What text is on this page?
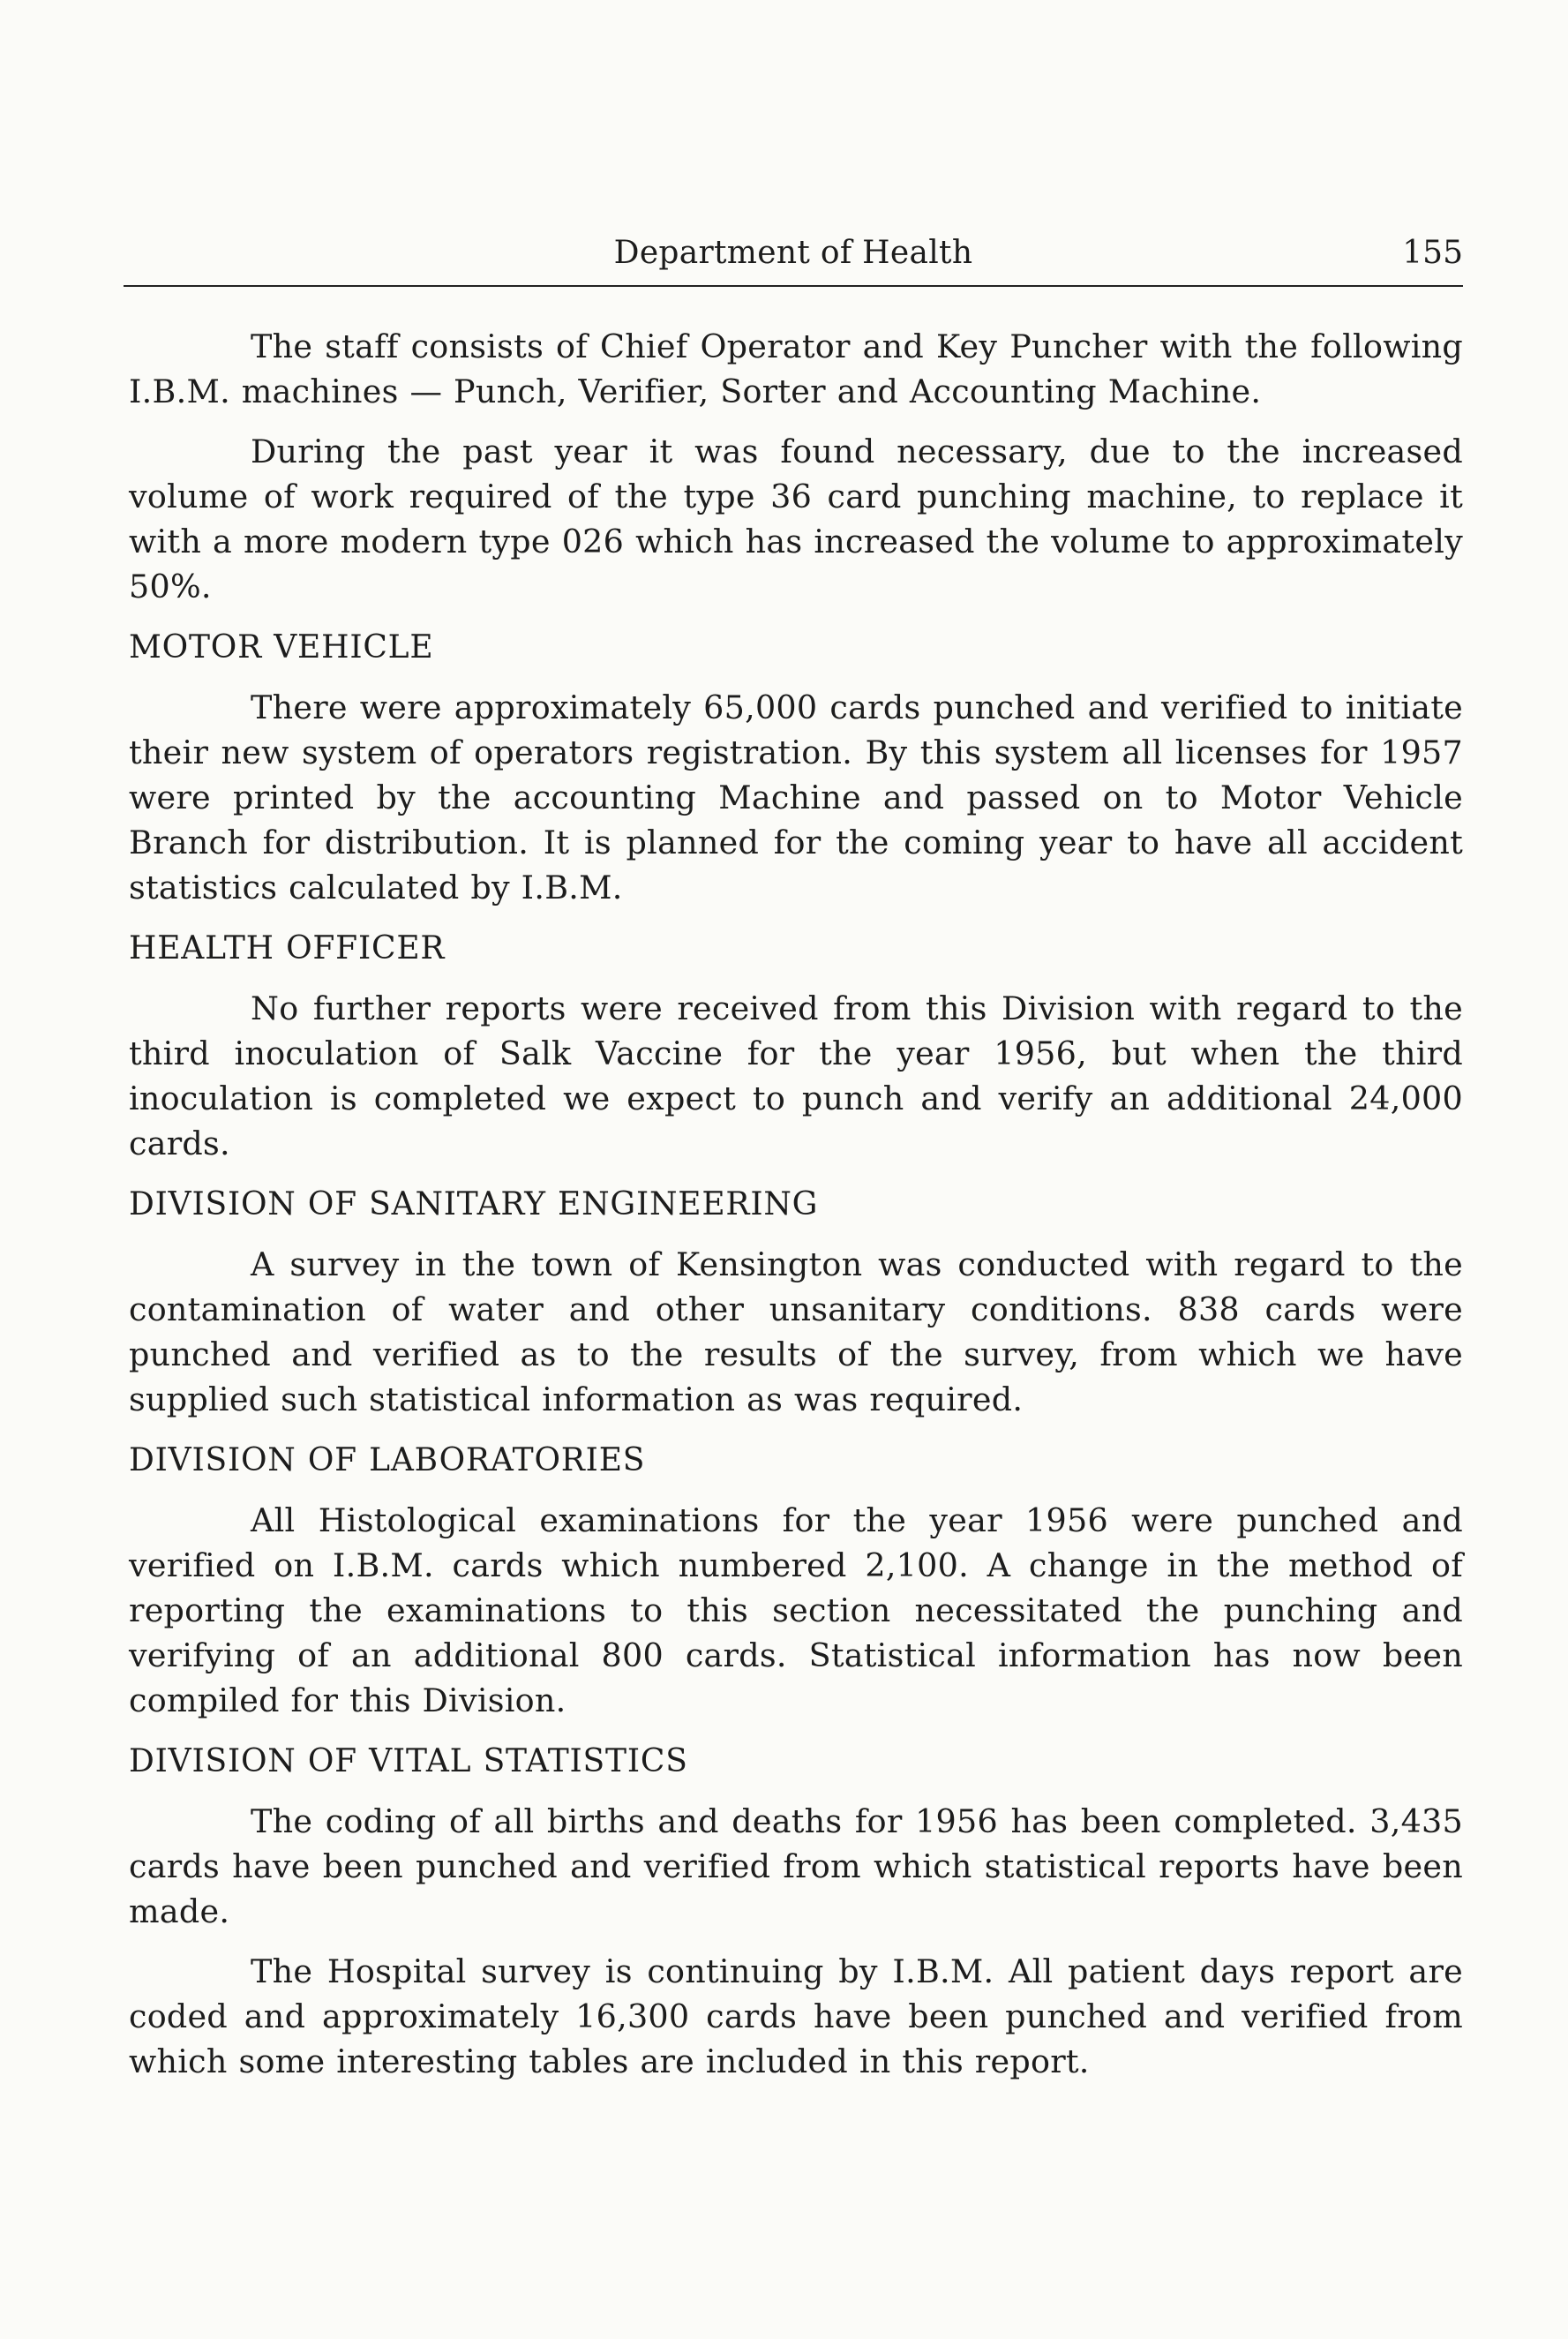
Department of Health	155

The staff consists of Chief Operator and Key Puncher with the following I.B.M. machines — Punch, Verifier, Sorter and Accounting Machine.

During the past year it was found necessary, due to the increased volume of work required of the type 36 card punching machine, to replace it with a more modern type 026 which has increased the volume to approximately 50%.

MOTOR VEHICLE

There were approximately 65,000 cards punched and verified to initiate their new system of operators registration. By this system all licenses for 1957 were printed by the accounting Machine and passed on to Motor Vehicle Branch for distribution. It is planned for the coming year to have all accident statistics calculated by I.B.M.

HEALTH OFFICER

No further reports were received from this Division with regard to the third inoculation of Salk Vaccine for the year 1956, but when the third inoculation is completed we expect to punch and verify an additional 24,000 cards.

DIVISION OF SANITARY ENGINEERING

A survey in the town of Kensington was conducted with regard to the contamination of water and other unsanitary conditions. 838 cards were punched and verified as to the results of the survey, from which we have supplied such statistical information as was required.

DIVISION OF LABORATORIES

All Histological examinations for the year 1956 were punched and verified on I.B.M. cards which numbered 2,100. A change in the method of reporting the examinations to this section necessitated the punching and verifying of an additional 800 cards. Statistical information has now been compiled for this Division.

DIVISION OF VITAL STATISTICS

The coding of all births and deaths for 1956 has been completed. 3,435 cards have been punched and verified from which statistical reports have been made.

The Hospital survey is continuing by I.B.M. All patient days report are coded and approximately 16,300 cards have been punched and verified from which some interesting tables are included in this report.
